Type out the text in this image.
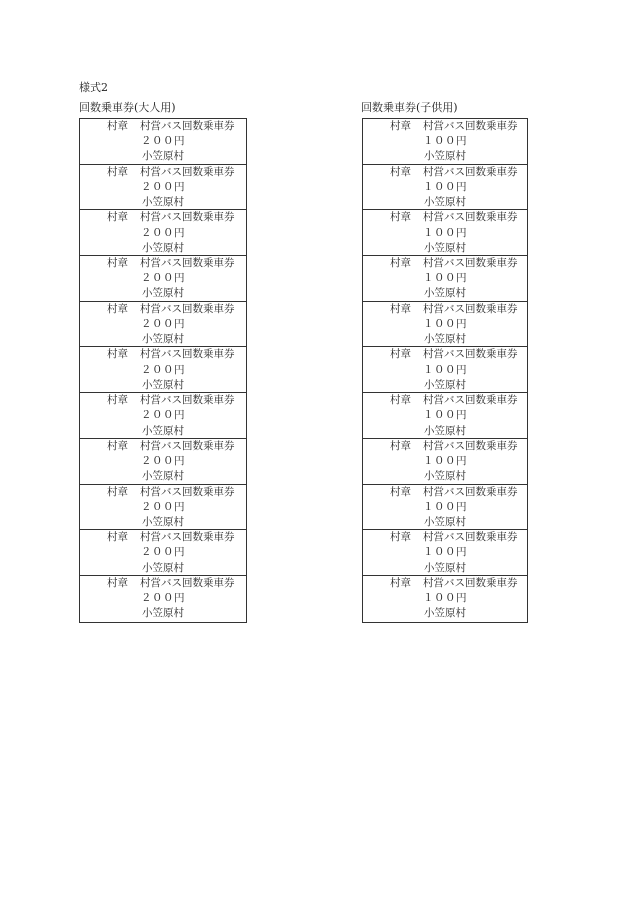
様式2
回数乗車券(大人用)	回数乗車券(子供用)
村章 村営バス回数乗車券
２００円
小笠原村
村章 村営バス回数乗車券
２００円
小笠原村
村章 村営バス回数乗車券
２００円
小笠原村
村章 村営バス回数乗車券
２００円
小笠原村
村章 村営バス回数乗車券
２００円
小笠原村
村章 村営バス回数乗車券
２００円
小笠原村
村章 村営バス回数乗車券
２００円
小笠原村
村章 村営バス回数乗車券
２００円
小笠原村
村章 村営バス回数乗車券
２００円
小笠原村
村章 村営バス回数乗車券
２００円
小笠原村
村章 村営バス回数乗車券
２００円
小笠原村
村章 村営バス回数乗車券
１００円
小笠原村
村章 村営バス回数乗車券
１００円
小笠原村
村章 村営バス回数乗車券
１００円
小笠原村
村章 村営バス回数乗車券
１００円
小笠原村
村章 村営バス回数乗車券
１００円
小笠原村
村章 村営バス回数乗車券
１００円
小笠原村
村章 村営バス回数乗車券
１００円
小笠原村
村章 村営バス回数乗車券
１００円
小笠原村
村章 村営バス回数乗車券
１００円
小笠原村
村章 村営バス回数乗車券
１００円
小笠原村
村章 村営バス回数乗車券
１００円
小笠原村
